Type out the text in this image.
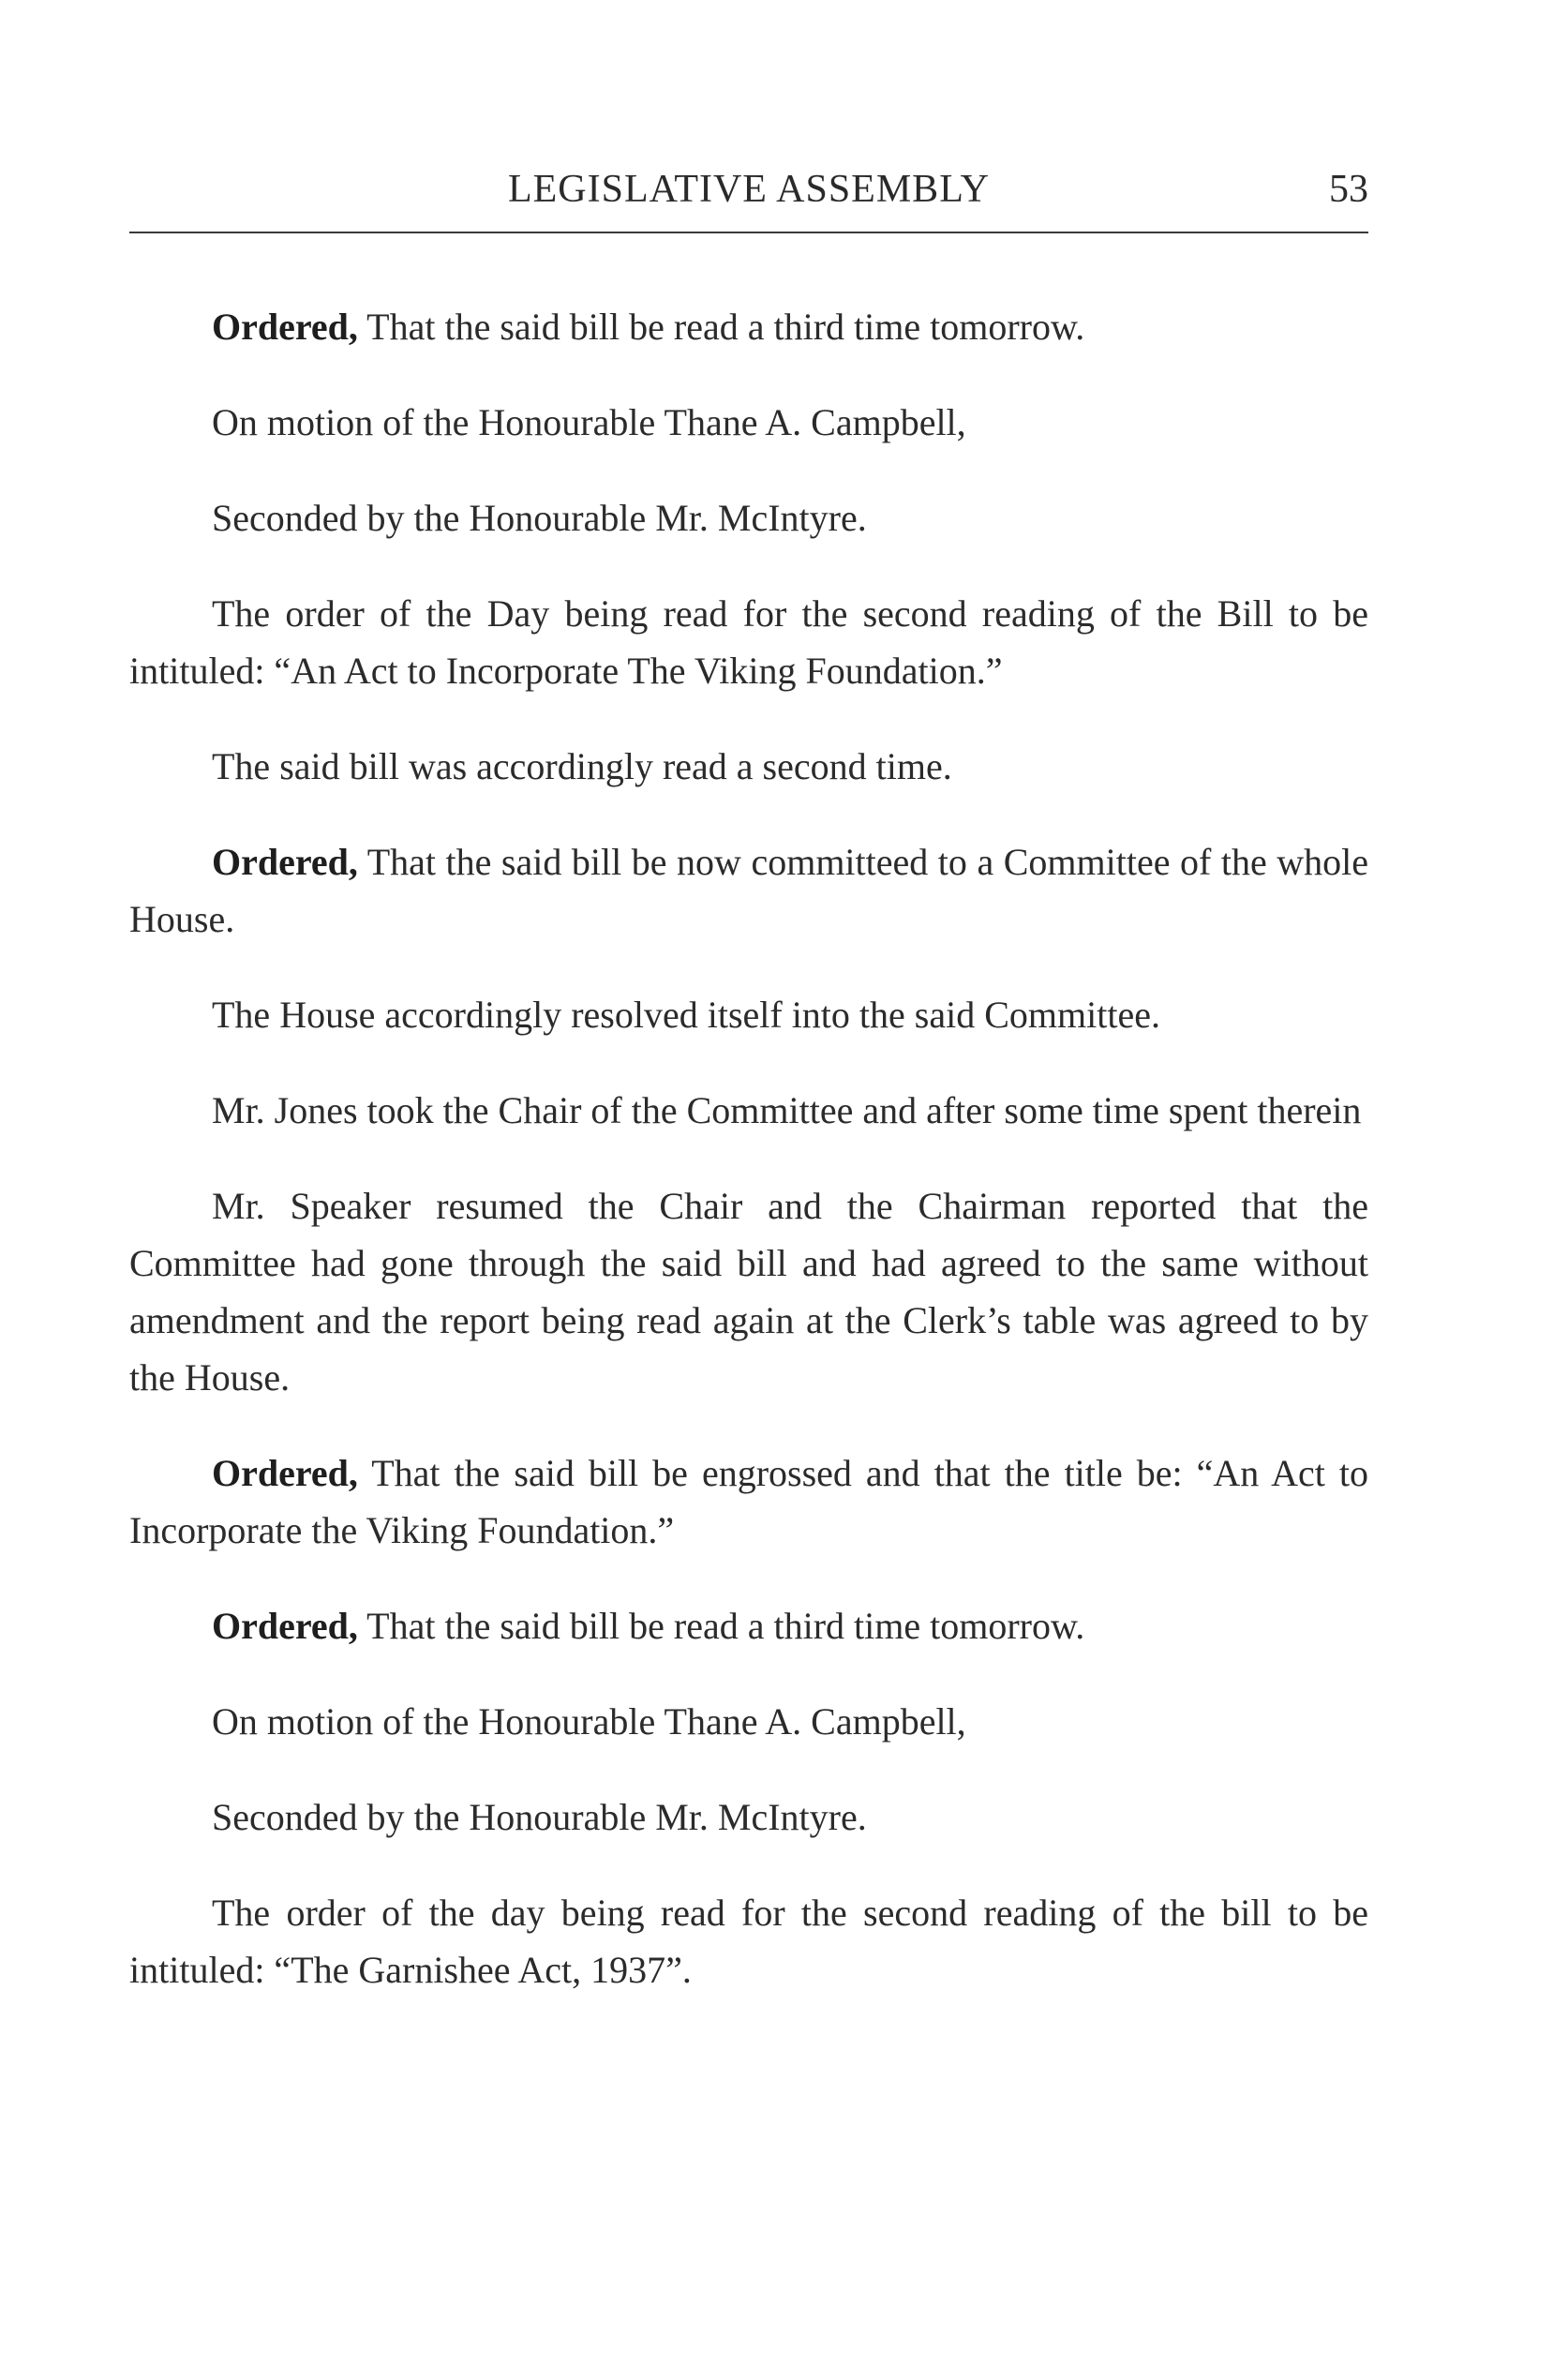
LEGISLATIVE ASSEMBLY	53

Ordered, That the said bill be read a third time tomorrow.

On motion of the Honourable Thane A. Campbell,

Seconded by the Honourable Mr. McIntyre.

The order of the Day being read for the second reading of the Bill to be intituled: “An Act to Incorporate The Viking Foundation.”

The said bill was accordingly read a second time.

Ordered, That the said bill be now committeed to a Committee of the whole House.

The House accordingly resolved itself into the said Committee.

Mr. Jones took the Chair of the Committee and after some time spent therein

Mr. Speaker resumed the Chair and the Chairman reported that the Committee had gone through the said bill and had agreed to the same without amendment and the report being read again at the Clerk’s table was agreed to by the House.

Ordered, That the said bill be engrossed and that the title be: “An Act to Incorporate the Viking Foundation.”

Ordered, That the said bill be read a third time tomorrow.

On motion of the Honourable Thane A. Campbell,

Seconded by the Honourable Mr. McIntyre.

The order of the day being read for the second reading of the bill to be intituled: “The Garnishee Act, 1937”.
